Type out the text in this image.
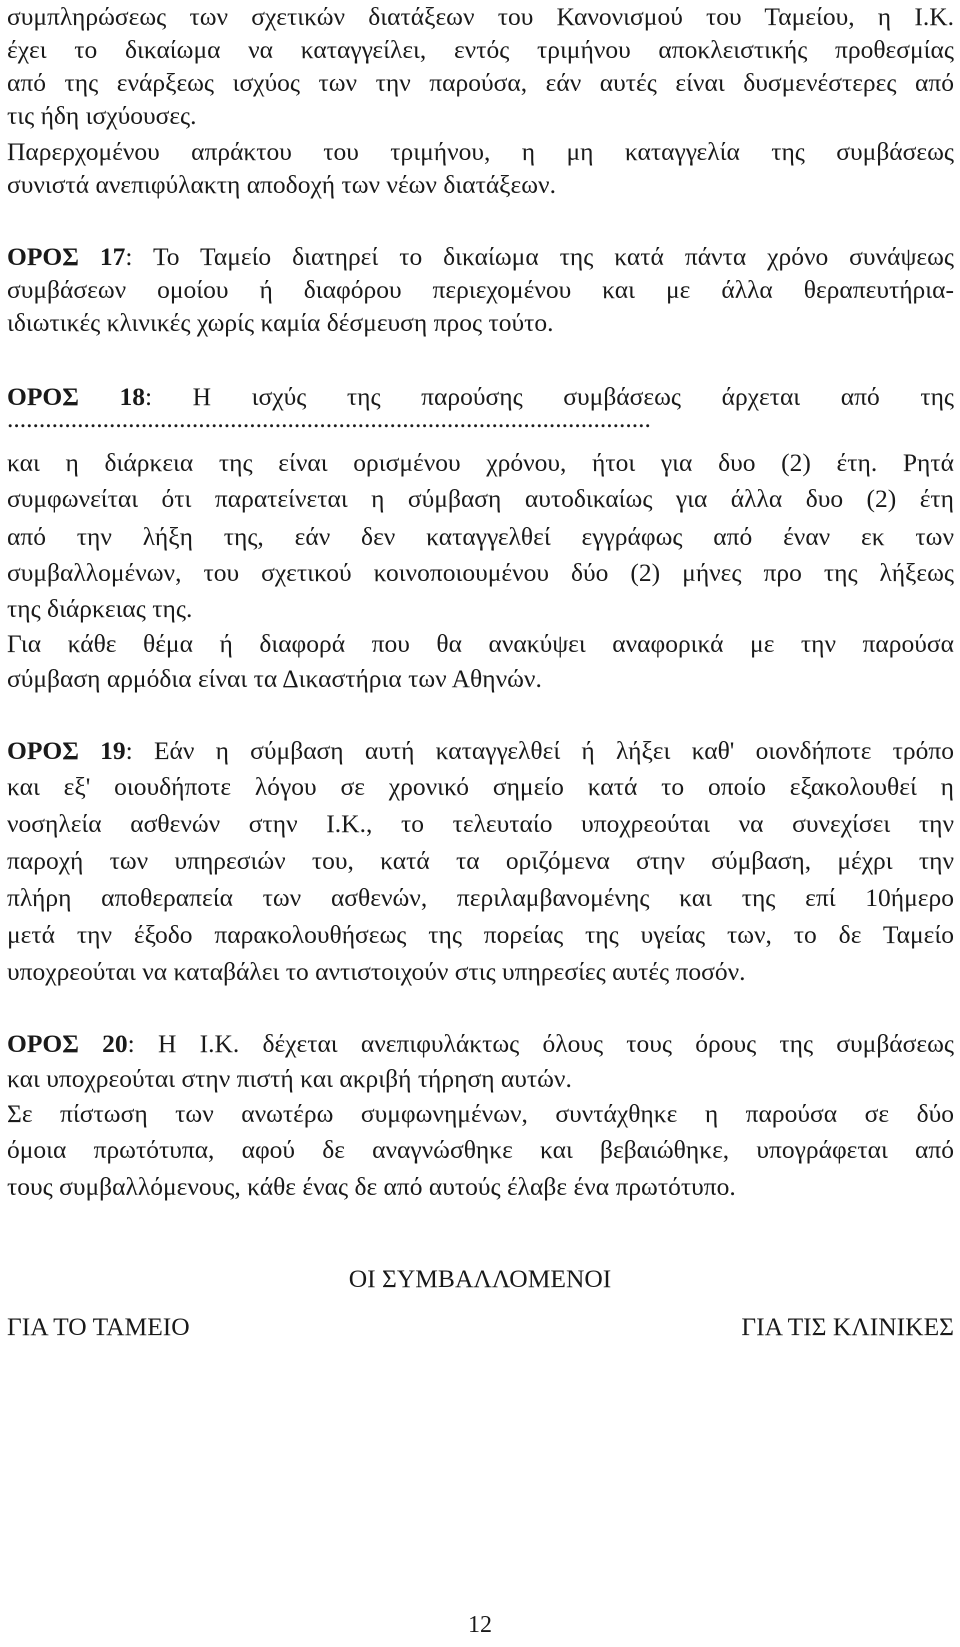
συμπληρώσεως των σχετικών διατάξεων του Κανονισμού του Ταμείου, η Ι.Κ.
έχει το δικαίωμα να καταγγείλει, εντός τριμήνου αποκλειστικής προθεσμίας
από της ενάρξεως ισχύος των την παρούσα, εάν αυτές είναι δυσμενέστερες από
τις ήδη ισχύουσες.
Παρερχομένου απράκτου του τριμήνου, η μη καταγγελία της συμβάσεως
συνιστά ανεπιφύλακτη αποδοχή των νέων διατάξεων.
ΟΡΟΣ 17: Το Ταμείο διατηρεί το δικαίωμα της κατά πάντα χρόνο συνάψεως
συμβάσεων ομοίου ή διαφόρου περιεχομένου και με άλλα θεραπευτήρια-
ιδιωτικές κλινικές χωρίς καμία δέσμευση προς τούτο.
ΟΡΟΣ 18: Η ισχύς της παρούσης συμβάσεως άρχεται από της
.....................................................................................................
και η διάρκεια της είναι ορισμένου χρόνου, ήτοι για δυο (2) έτη. Ρητά
συμφωνείται ότι παρατείνεται η σύμβαση αυτοδικαίως για άλλα δυο (2) έτη
από την λήξη της, εάν δεν καταγγελθεί εγγράφως από έναν εκ των
συμβαλλομένων, του σχετικού κοινοποιουμένου δύο (2) μήνες προ της λήξεως
της διάρκειας της.
Για κάθε θέμα ή διαφορά που θα ανακύψει αναφορικά με την παρούσα
σύμβαση αρμόδια είναι τα Δικαστήρια των Αθηνών.
ΟΡΟΣ 19: Εάν η σύμβαση αυτή καταγγελθεί ή λήξει καθ' οιονδήποτε τρόπο
και εξ' οιουδήποτε λόγου σε χρονικό σημείο κατά το οποίο εξακολουθεί η
νοσηλεία ασθενών στην Ι.Κ., το τελευταίο υποχρεούται να συνεχίσει την
παροχή των υπηρεσιών του, κατά τα οριζόμενα στην σύμβαση, μέχρι την
πλήρη αποθεραπεία των ασθενών, περιλαμβανομένης και της επί 10ήμερο
μετά την έξοδο παρακολουθήσεως της πορείας της υγείας των, το δε Ταμείο
υποχρεούται να καταβάλει το αντιστοιχούν στις υπηρεσίες αυτές ποσόν.
ΟΡΟΣ 20: Η Ι.Κ. δέχεται ανεπιφυλάκτως όλους τους όρους της συμβάσεως
και υποχρεούται στην πιστή και ακριβή τήρηση αυτών.
Σε πίστωση των ανωτέρω συμφωνημένων, συντάχθηκε η παρούσα σε δύο
όμοια πρωτότυπα, αφού δε αναγνώσθηκε και βεβαιώθηκε, υπογράφεται από
τους συμβαλλόμενους, κάθε ένας δε από αυτούς έλαβε ένα πρωτότυπο.
ΟΙ ΣΥΜΒΑΛΛΟΜΕΝΟΙ
ΓΙΑ ΤΟ ΤΑΜΕΙΟ	ΓΙΑ ΤΙΣ ΚΛΙΝΙΚΕΣ
12
